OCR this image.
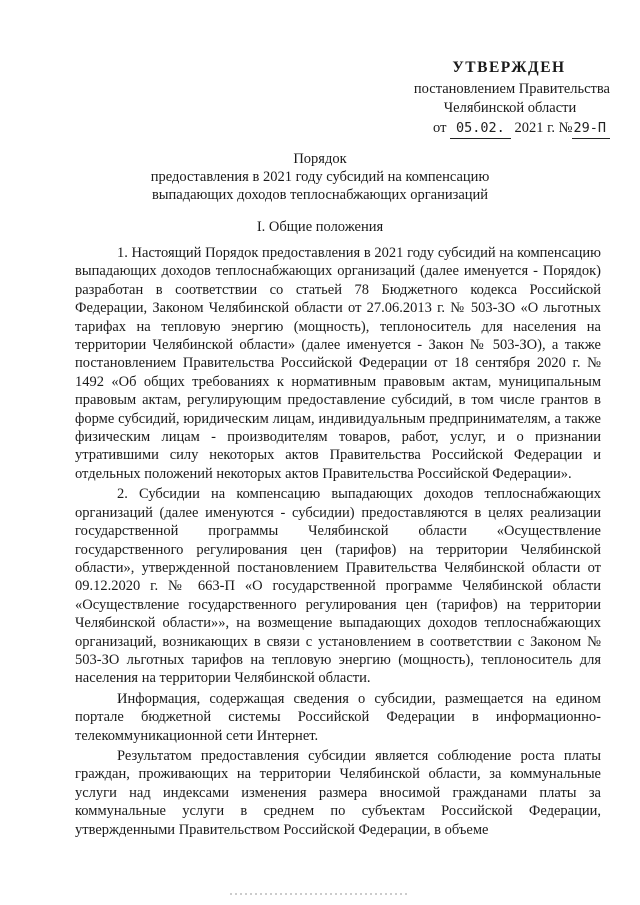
УТВЕРЖДЕН
постановлением Правительства
Челябинской области
от 05.02. 2021 г. №29-П
Порядок
предоставления в 2021 году субсидий на компенсацию
выпадающих доходов теплоснабжающих организаций
I. Общие положения

1. Настоящий Порядок предоставления в 2021 году субсидий на компенсацию выпадающих доходов теплоснабжающих организаций (далее именуется - Порядок) разработан в соответствии со статьей 78 Бюджетного кодекса Российской Федерации, Законом Челябинской области от 27.06.2013 г. № 503-ЗО «О льготных тарифах на тепловую энергию (мощность), теплоноситель для населения на территории Челябинской области» (далее именуется - Закон № 503-ЗО), а также постановлением Правительства Российской Федерации от 18 сентября 2020 г. № 1492 «Об общих требованиях к нормативным правовым актам, муниципальным правовым актам, регулирующим предоставление субсидий, в том числе грантов в форме субсидий, юридическим лицам, индивидуальным предпринимателям, а также физическим лицам - производителям товаров, работ, услуг, и о признании утратившими силу некоторых актов Правительства Российской Федерации и отдельных положений некоторых актов Правительства Российской Федерации».

2. Субсидии на компенсацию выпадающих доходов теплоснабжающих организаций (далее именуются - субсидии) предоставляются в целях реализации государственной программы Челябинской области «Осуществление государственного регулирования цен (тарифов) на территории Челябинской области», утвержденной постановлением Правительства Челябинской области от 09.12.2020 г. № 663-П «О государственной программе Челябинской области «Осуществление государственного регулирования цен (тарифов) на территории Челябинской области»», на возмещение выпадающих доходов теплоснабжающих организаций, возникающих в связи с установлением в соответствии с Законом № 503-ЗО льготных тарифов на тепловую энергию (мощность), теплоноситель для населения на территории Челябинской области.

Информация, содержащая сведения о субсидии, размещается на едином портале бюджетной системы Российской Федерации в информационно-телекоммуникационной сети Интернет.

Результатом предоставления субсидии является соблюдение роста платы граждан, проживающих на территории Челябинской области, за коммунальные услуги над индексами изменения размера вносимой гражданами платы за коммунальные услуги в среднем по субъектам Российской Федерации, утвержденными Правительством Российской Федерации, в объеме
